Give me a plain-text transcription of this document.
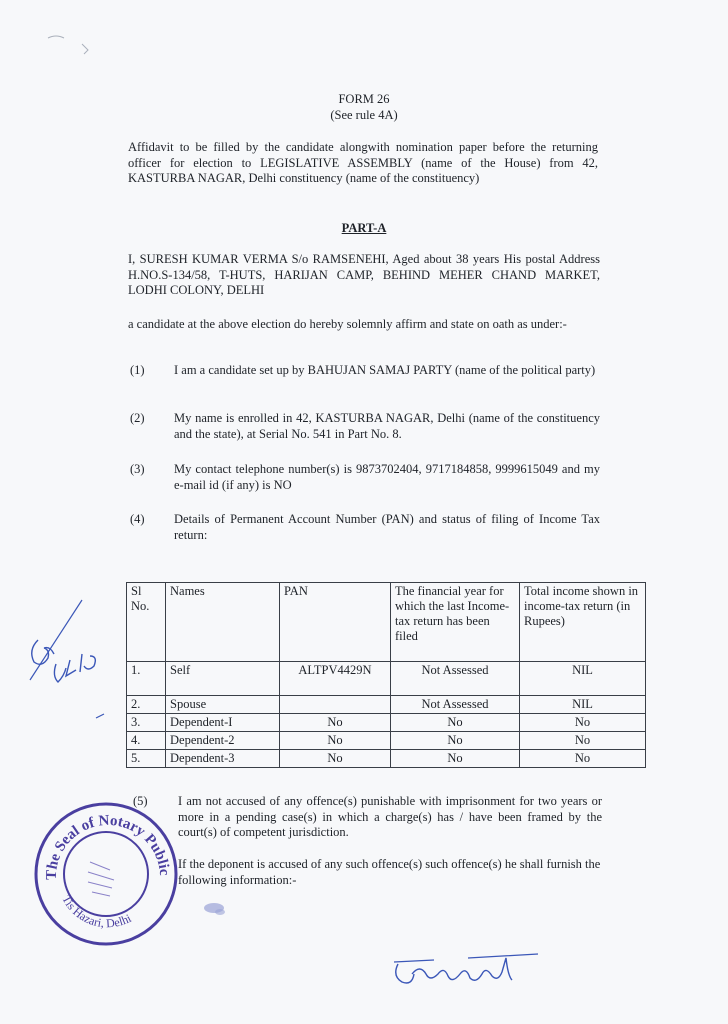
FORM 26
(See rule 4A)
Affidavit to be filled by the candidate alongwith nomination paper before the returning officer for election to LEGISLATIVE ASSEMBLY (name of the House) from 42, KASTURBA NAGAR, Delhi constituency (name of the constituency)
PART-A
I, SURESH KUMAR VERMA S/o RAMSENEHI, Aged about 38 years His postal Address H.NO.S-134/58, T-HUTS, HARIJAN CAMP, BEHIND MEHER CHAND MARKET, LODHI COLONY, DELHI
a candidate at the above election do hereby solemnly affirm and state on oath as under:-
(1)	I am a candidate set up by BAHUJAN SAMAJ PARTY (name of the political party)
(2)	My name is enrolled in 42, KASTURBA NAGAR, Delhi (name of the constituency and the state), at Serial No. 541 in Part No. 8.
(3)	My contact telephone number(s) is 9873702404, 9717184858, 9999615049 and my e-mail id (if any) is NO
(4)	Details of Permanent Account Number (PAN) and status of filing of Income Tax return:
Sl No.	Names	PAN	The financial year for which the last Income-tax return has been filed	Total income shown in income-tax return (in Rupees)
1.	Self	ALTPV4429N	Not Assessed	NIL
2.	Spouse		Not Assessed	NIL
3.	Dependent-I	No	No	No
4.	Dependent-2	No	No	No
5.	Dependent-3	No	No	No
(5)	I am not accused of any offence(s) punishable with imprisonment for two years or more in a pending case(s) in which a charge(s) has / have been framed by the court(s) of competent jurisdiction.
If the deponent is accused of any such offence(s) such offence(s) he shall furnish the following information:-
The Seal of Notary Public
Tis Hazari, Delhi
